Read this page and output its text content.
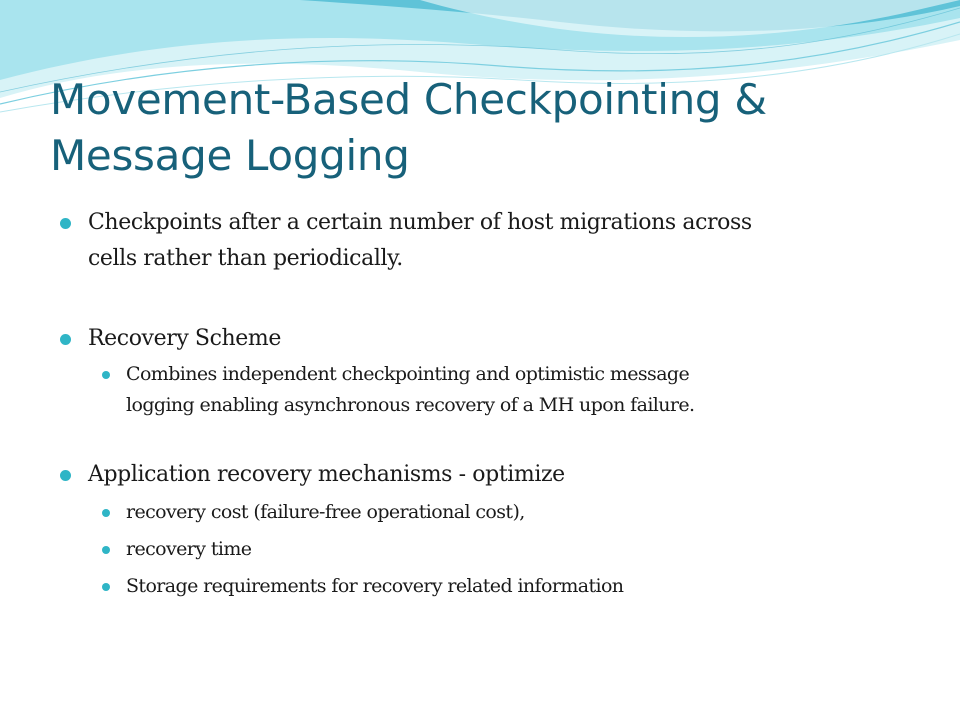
Movement-Based Checkpointing &
Message Logging
Checkpoints after a certain number of host migrations across
cells rather than periodically.
Recovery Scheme
Combines independent checkpointing and optimistic message
logging enabling asynchronous recovery of a MH upon failure.
Application recovery mechanisms - optimize
recovery cost (failure-free operational cost),
recovery time
Storage requirements for recovery related information
